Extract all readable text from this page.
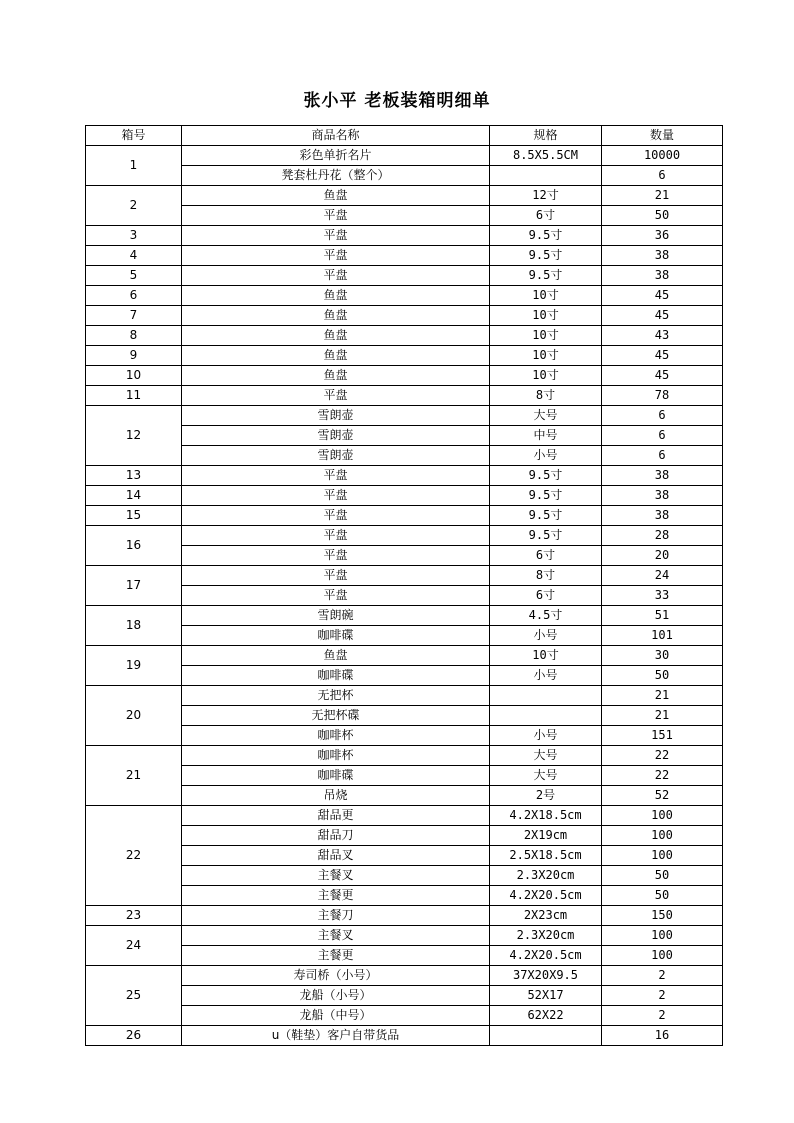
张小平 老板装箱明细单
箱号	商品名称	规格	数量
1	彩色单折名片	8.5X5.5CM	10000
	凳套杜丹花（整个）		6
2	鱼盘	12寸	21
	平盘	6寸	50
3	平盘	9.5寸	36
4	平盘	9.5寸	38
5	平盘	9.5寸	38
6	鱼盘	10寸	45
7	鱼盘	10寸	45
8	鱼盘	10寸	43
9	鱼盘	10寸	45
10	鱼盘	10寸	45
11	平盘	8寸	78
12	雪朗壶	大号	6
	雪朗壶	中号	6
	雪朗壶	小号	6
13	平盘	9.5寸	38
14	平盘	9.5寸	38
15	平盘	9.5寸	38
16	平盘	9.5寸	28
	平盘	6寸	20
17	平盘	8寸	24
	平盘	6寸	33
18	雪朗碗	4.5寸	51
	咖啡碟	小号	101
19	鱼盘	10寸	30
	咖啡碟	小号	50
20	无把杯		21
	无把杯碟		21
	咖啡杯	小号	151
21	咖啡杯	大号	22
	咖啡碟	大号	22
	吊烧	2号	52
22	甜品更	4.2X18.5cm	100
	甜品刀	2X19cm	100
	甜品叉	2.5X18.5cm	100
	主餐叉	2.3X20cm	50
	主餐更	4.2X20.5cm	50
23	主餐刀	2X23cm	150
24	主餐叉	2.3X20cm	100
	主餐更	4.2X20.5cm	100
25	寿司桥（小号）	37X20X9.5	2
	龙船（小号）	52X17	2
	龙船（中号）	62X22	2
26	u（鞋垫）客户自带货品		16
